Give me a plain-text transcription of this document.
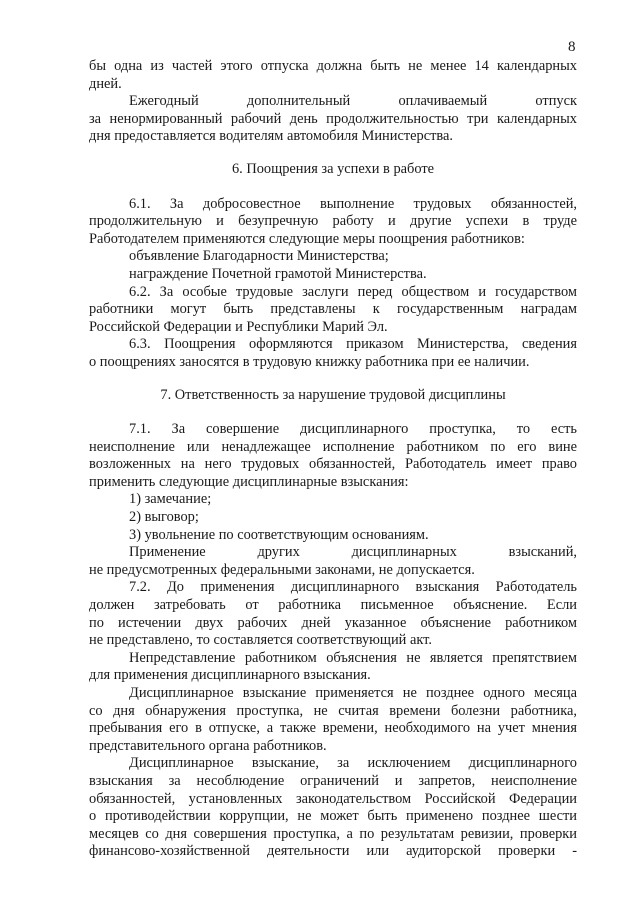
8

бы одна из частей этого отпуска должна быть не менее 14 календарных

дней.

Ежегодный дополнительный оплачиваемый отпуск

за ненормированный рабочий день продолжительностью три календарных

дня предоставляется водителям автомобиля Министерства.

6. Поощрения за успехи в работе

6.1. За добросовестное выполнение трудовых обязанностей,

продолжительную и безупречную работу и другие успехи в труде

Работодателем применяются следующие меры поощрения работников:

объявление Благодарности Министерства;

награждение Почетной грамотой Министерства.

6.2. За особые трудовые заслуги перед обществом и государством

работники могут быть представлены к государственным наградам

Российской Федерации и Республики Марий Эл.

6.3. Поощрения оформляются приказом Министерства, сведения

о поощрениях заносятся в трудовую книжку работника при ее наличии.

7. Ответственность за нарушение трудовой дисциплины

7.1. За совершение дисциплинарного проступка, то есть

неисполнение или ненадлежащее исполнение работником по его вине

возложенных на него трудовых обязанностей, Работодатель имеет право

применить следующие дисциплинарные взыскания:

1) замечание;

2) выговор;

3) увольнение по соответствующим основаниям.

Применение других дисциплинарных взысканий,

не предусмотренных федеральными законами, не допускается.

7.2. До применения дисциплинарного взыскания Работодатель

должен затребовать от работника письменное объяснение. Если

по истечении двух рабочих дней указанное объяснение работником

не представлено, то составляется соответствующий акт.

Непредставление работником объяснения не является препятствием

для применения дисциплинарного взыскания.

Дисциплинарное взыскание применяется не позднее одного месяца

со дня обнаружения проступка, не считая времени болезни работника,

пребывания его в отпуске, а также времени, необходимого на учет мнения

представительного органа работников.

Дисциплинарное взыскание, за исключением дисциплинарного

взыскания за несоблюдение ограничений и запретов, неисполнение

обязанностей, установленных законодательством Российской Федерации

о противодействии коррупции, не может быть применено позднее шести

месяцев со дня совершения проступка, а по результатам ревизии, проверки

финансово-хозяйственной деятельности или аудиторской проверки -
